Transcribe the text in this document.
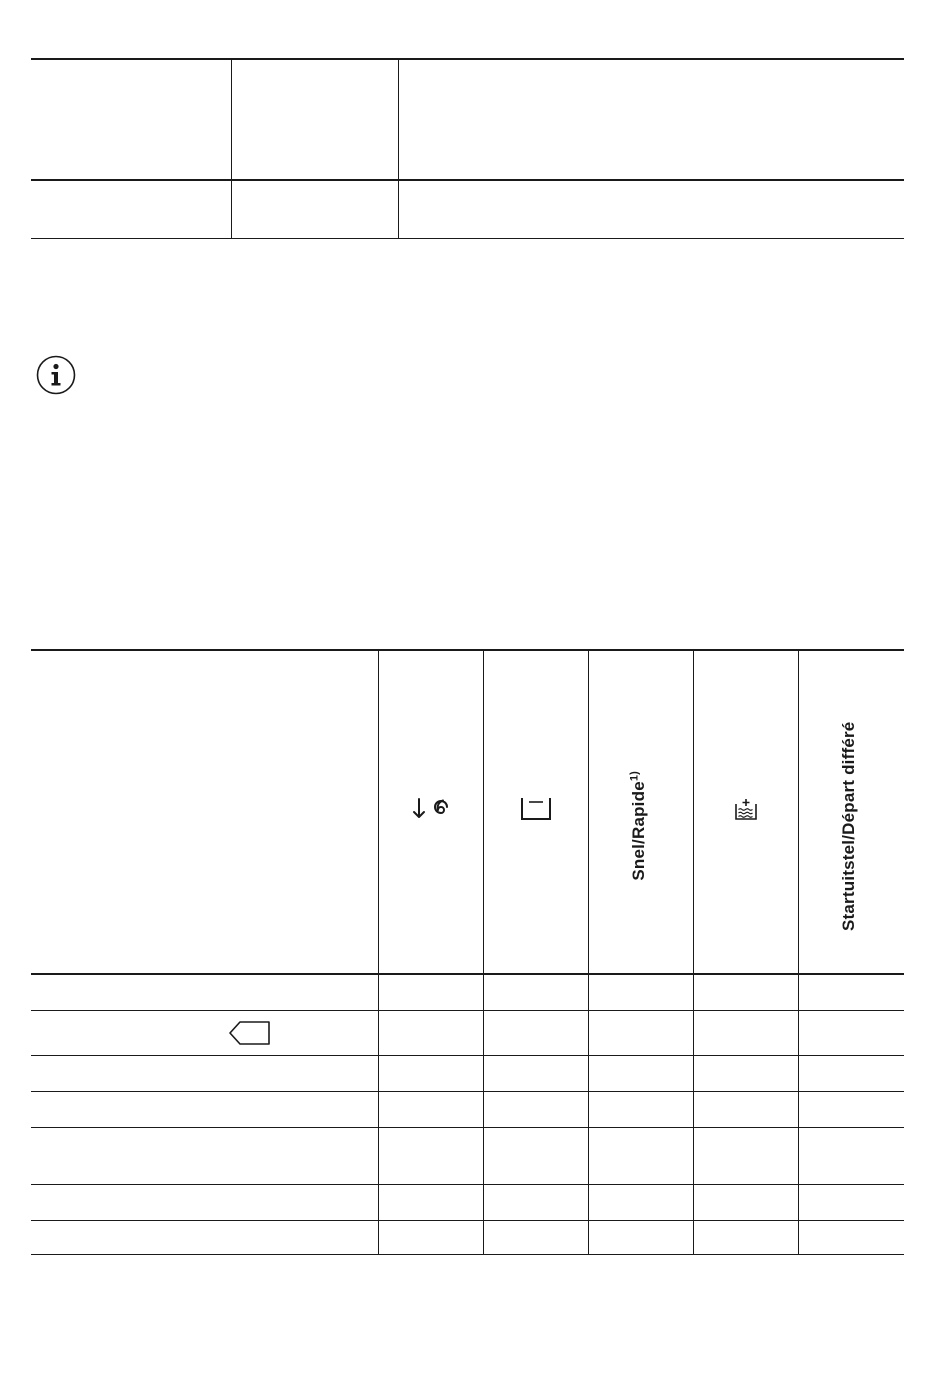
Snel/Rapide$^{1)}$		Startuitstel/Départ différé
